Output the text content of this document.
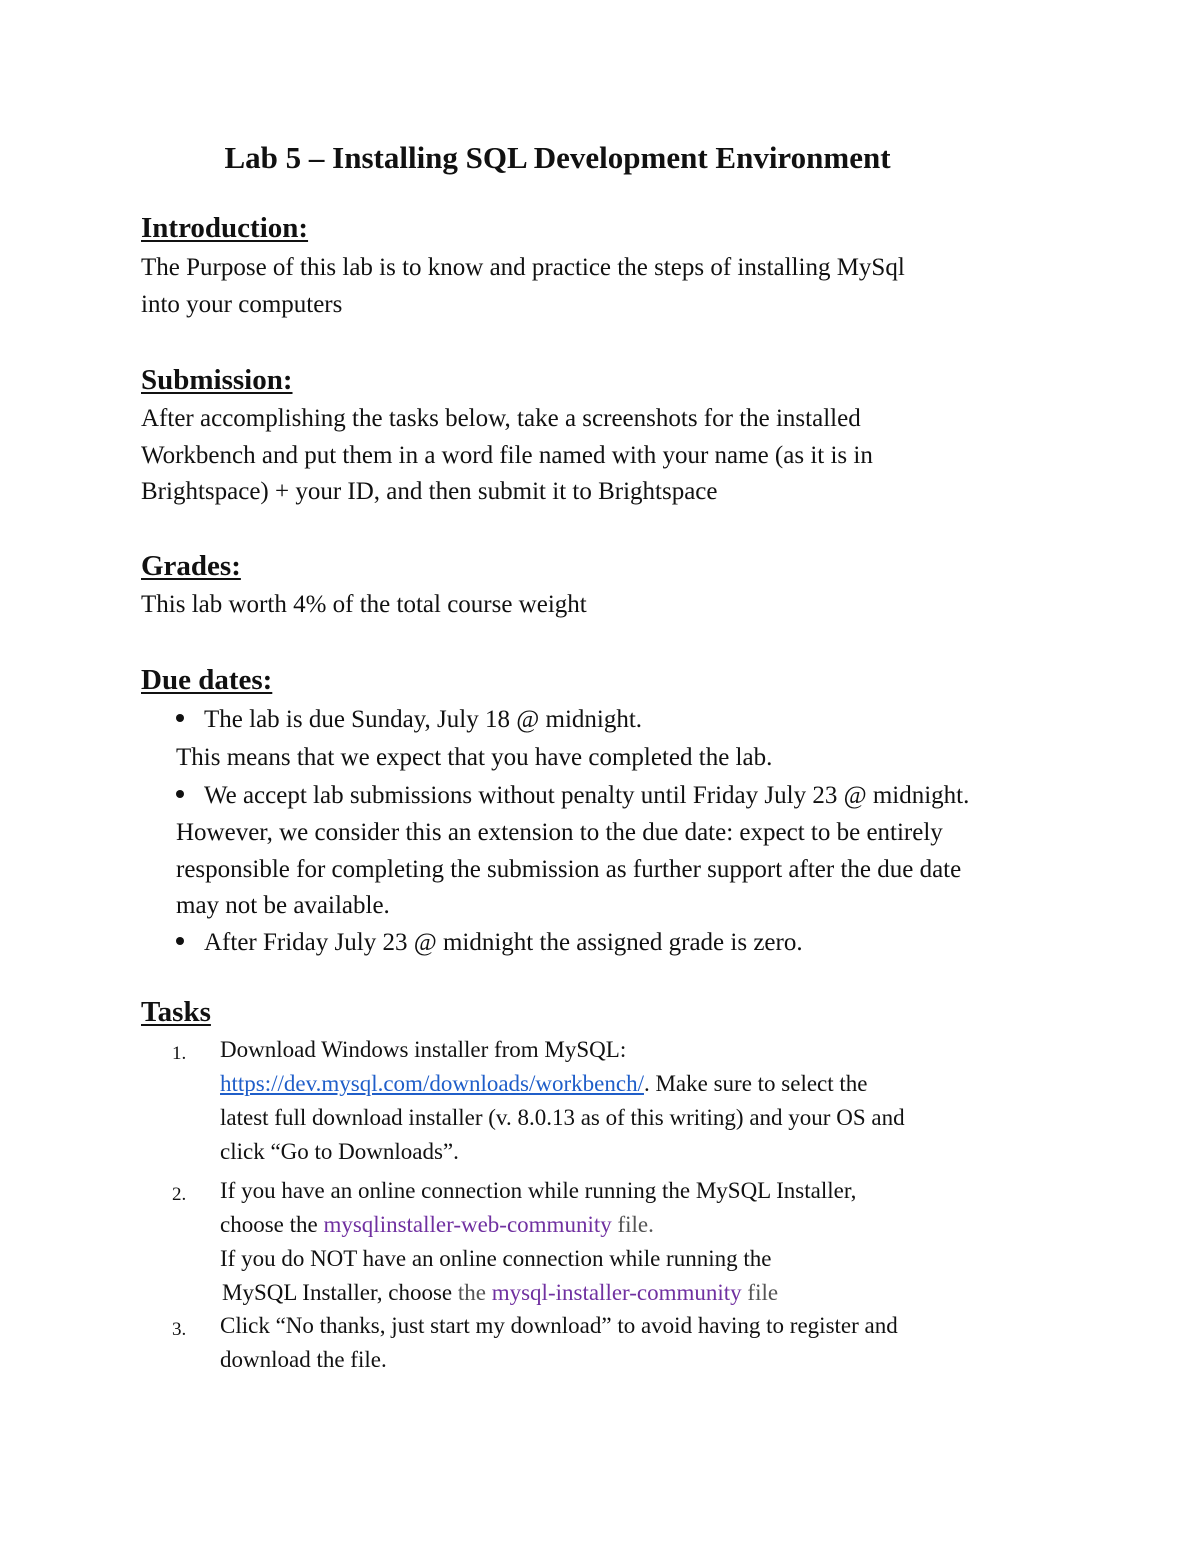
Lab 5 – Installing SQL Development Environment
Introduction:
The Purpose of this lab is to know and practice the steps of installing MySql
into your computers
Submission:
After accomplishing the tasks below, take a screenshots for the installed
Workbench and put them in a word file named with your name (as it is in
Brightspace) + your ID, and then submit it to Brightspace
Grades:
This lab worth 4% of the total course weight
Due dates:
The lab is due Sunday, July 18 @ midnight.
This means that we expect that you have completed the lab.
We accept lab submissions without penalty until Friday July 23 @ midnight.
However, we consider this an extension to the due date: expect to be entirely
responsible for completing the submission as further support after the due date
may not be available.
After Friday July 23 @ midnight the assigned grade is zero.
Tasks
1. Download Windows installer from MySQL:
https://dev.mysql.com/downloads/workbench/. Make sure to select the
latest full download installer (v. 8.0.13 as of this writing) and your OS and
click “Go to Downloads”.
2. If you have an online connection while running the MySQL Installer,
choose the mysqlinstaller-web-community file.
If you do NOT have an online connection while running the
MySQL Installer, choose the mysql-installer-community file
3. Click “No thanks, just start my download” to avoid having to register and
download the file.
